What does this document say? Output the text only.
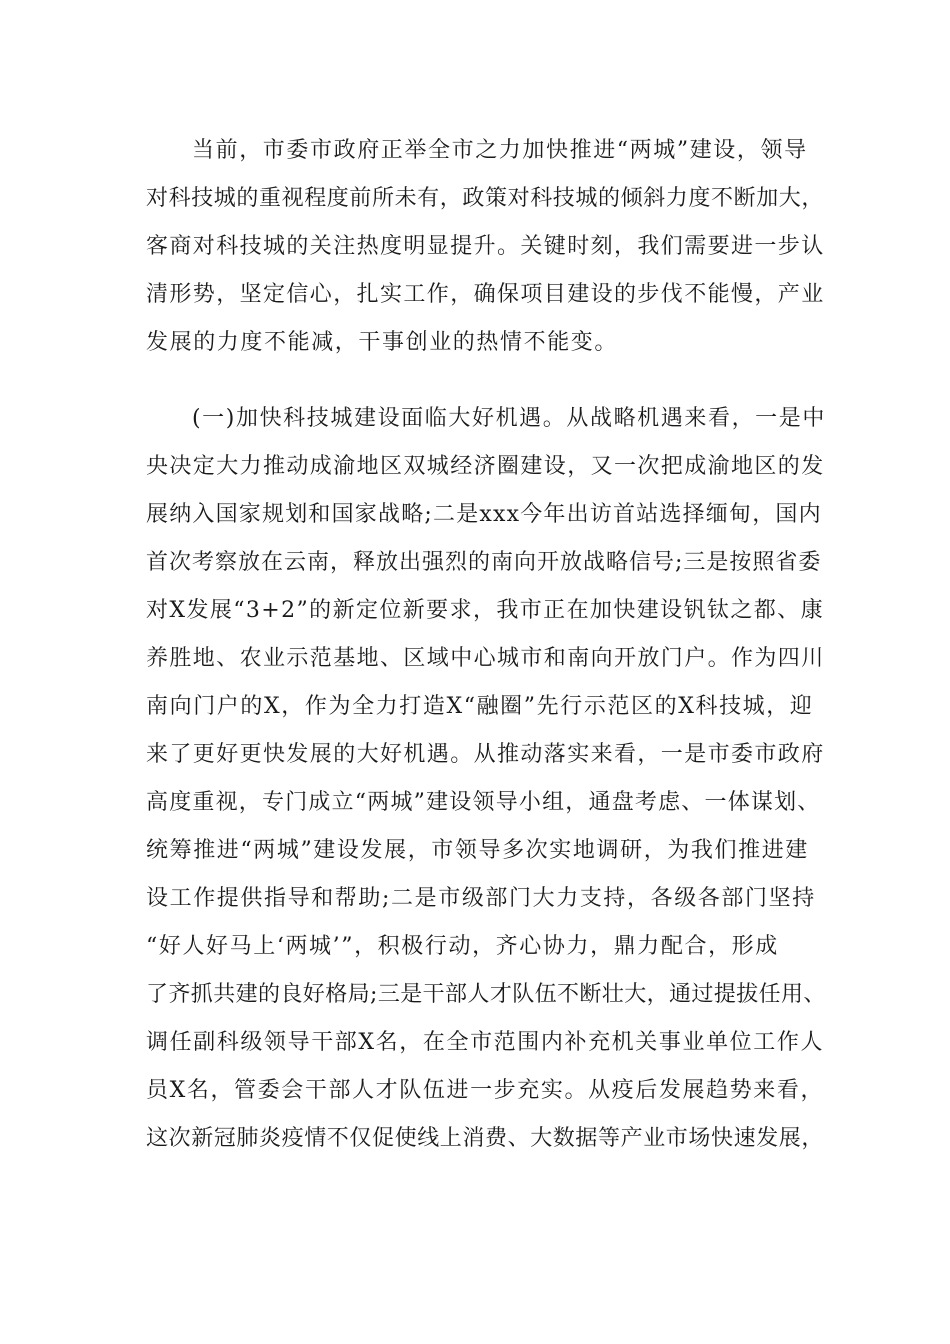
当前，市委市政府正举全市之力加快推进“两城”建设，领导
对科技城的重视程度前所未有，政策对科技城的倾斜力度不断加大，
客商对科技城的关注热度明显提升。关键时刻，我们需要进一步认
清形势，坚定信心，扎实工作，确保项目建设的步伐不能慢，产业
发展的力度不能减，干事创业的热情不能变。
(一)加快科技城建设面临大好机遇。从战略机遇来看，一是中
央决定大力推动成渝地区双城经济圈建设，又一次把成渝地区的发
展纳入国家规划和国家战略;二是xxx今年出访首站选择缅甸，国内
首次考察放在云南，释放出强烈的南向开放战略信号;三是按照省委
对X发展“3+2”的新定位新要求，我市正在加快建设钒钛之都、康
养胜地、农业示范基地、区域中心城市和南向开放门户。作为四川
南向门户的X，作为全力打造X“融圈”先行示范区的X科技城，迎
来了更好更快发展的大好机遇。从推动落实来看，一是市委市政府
高度重视，专门成立“两城”建设领导小组，通盘考虑、一体谋划、
统筹推进“两城”建设发展，市领导多次实地调研，为我们推进建
设工作提供指导和帮助;二是市级部门大力支持，各级各部门坚持
“好人好马上‘两城’”，积极行动，齐心协力，鼎力配合，形成
了齐抓共建的良好格局;三是干部人才队伍不断壮大，通过提拔任用、
调任副科级领导干部X名，在全市范围内补充机关事业单位工作人
员X名，管委会干部人才队伍进一步充实。从疫后发展趋势来看，
这次新冠肺炎疫情不仅促使线上消费、大数据等产业市场快速发展，
